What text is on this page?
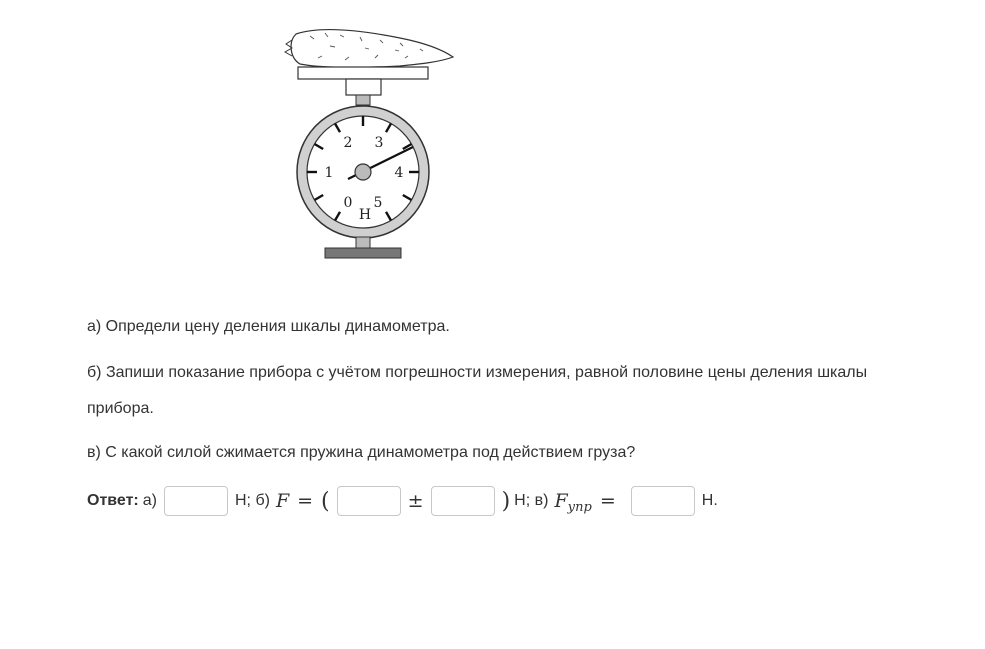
0
1
2 3
4
5
Н

а) Определи цену деления шкалы динамометра.

б) Запиши показание прибора с учётом погрешности измерения, равной половине цены деления шкалы прибора.

в) С какой силой сжимается пружина динамометра под действием груза?

Ответ: а)	Н; б) F = (	±	) Н; в) F упр =	Н.
